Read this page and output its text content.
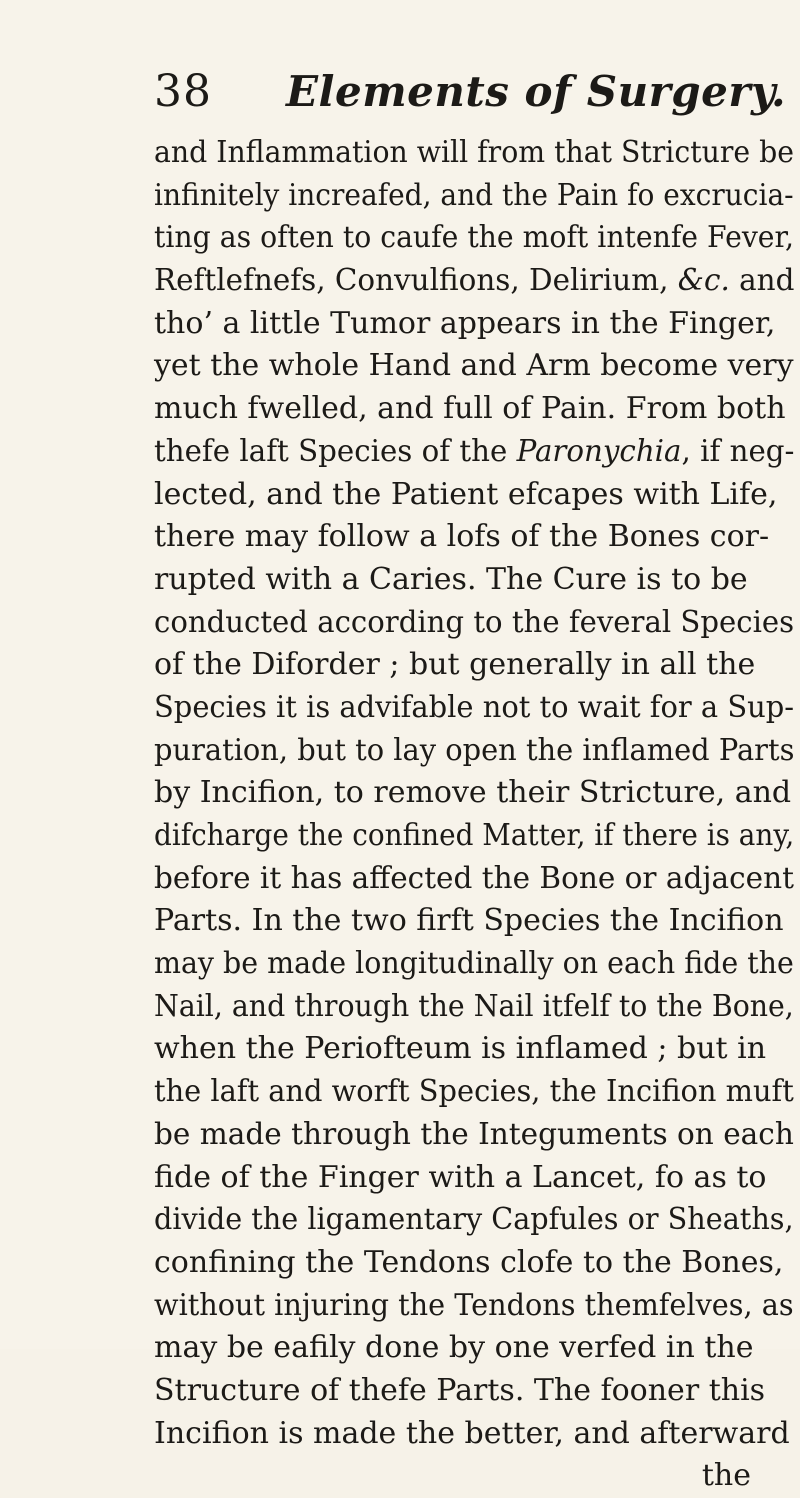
38 Elements of Surgery.
and Inflammation will from that Stricture be
infinitely increafed, and the Pain fo excrucia-
ting as often to caufe the moft intenfe Fever,
Reftlefnefs, Convulfions, Delirium, &c. and
tho’ a little Tumor appears in the Finger,
yet the whole Hand and Arm become very
much fwelled, and full of Pain. From both
thefe laft Species of the Paronychia, if neg-
lected, and the Patient efcapes with Life,
there may follow a lofs of the Bones cor-
rupted with a Caries. The Cure is to be
conducted according to the feveral Species
of the Diforder ; but generally in all the
Species it is advifable not to wait for a Sup-
puration, but to lay open the inflamed Parts
by Incifion, to remove their Stricture, and
difcharge the confined Matter, if there is any,
before it has affected the Bone or adjacent
Parts. In the two firft Species the Incifion
may be made longitudinally on each fide the
Nail, and through the Nail itfelf to the Bone,
when the Periofteum is inflamed ; but in
the laft and worft Species, the Incifion muft
be made through the Integuments on each
fide of the Finger with a Lancet, fo as to
divide the ligamentary Capfules or Sheaths,
confining the Tendons clofe to the Bones,
without injuring the Tendons themfelves, as
may be eafily done by one verfed in the
Structure of thefe Parts. The fooner this
Incifion is made the better, and afterward
the
